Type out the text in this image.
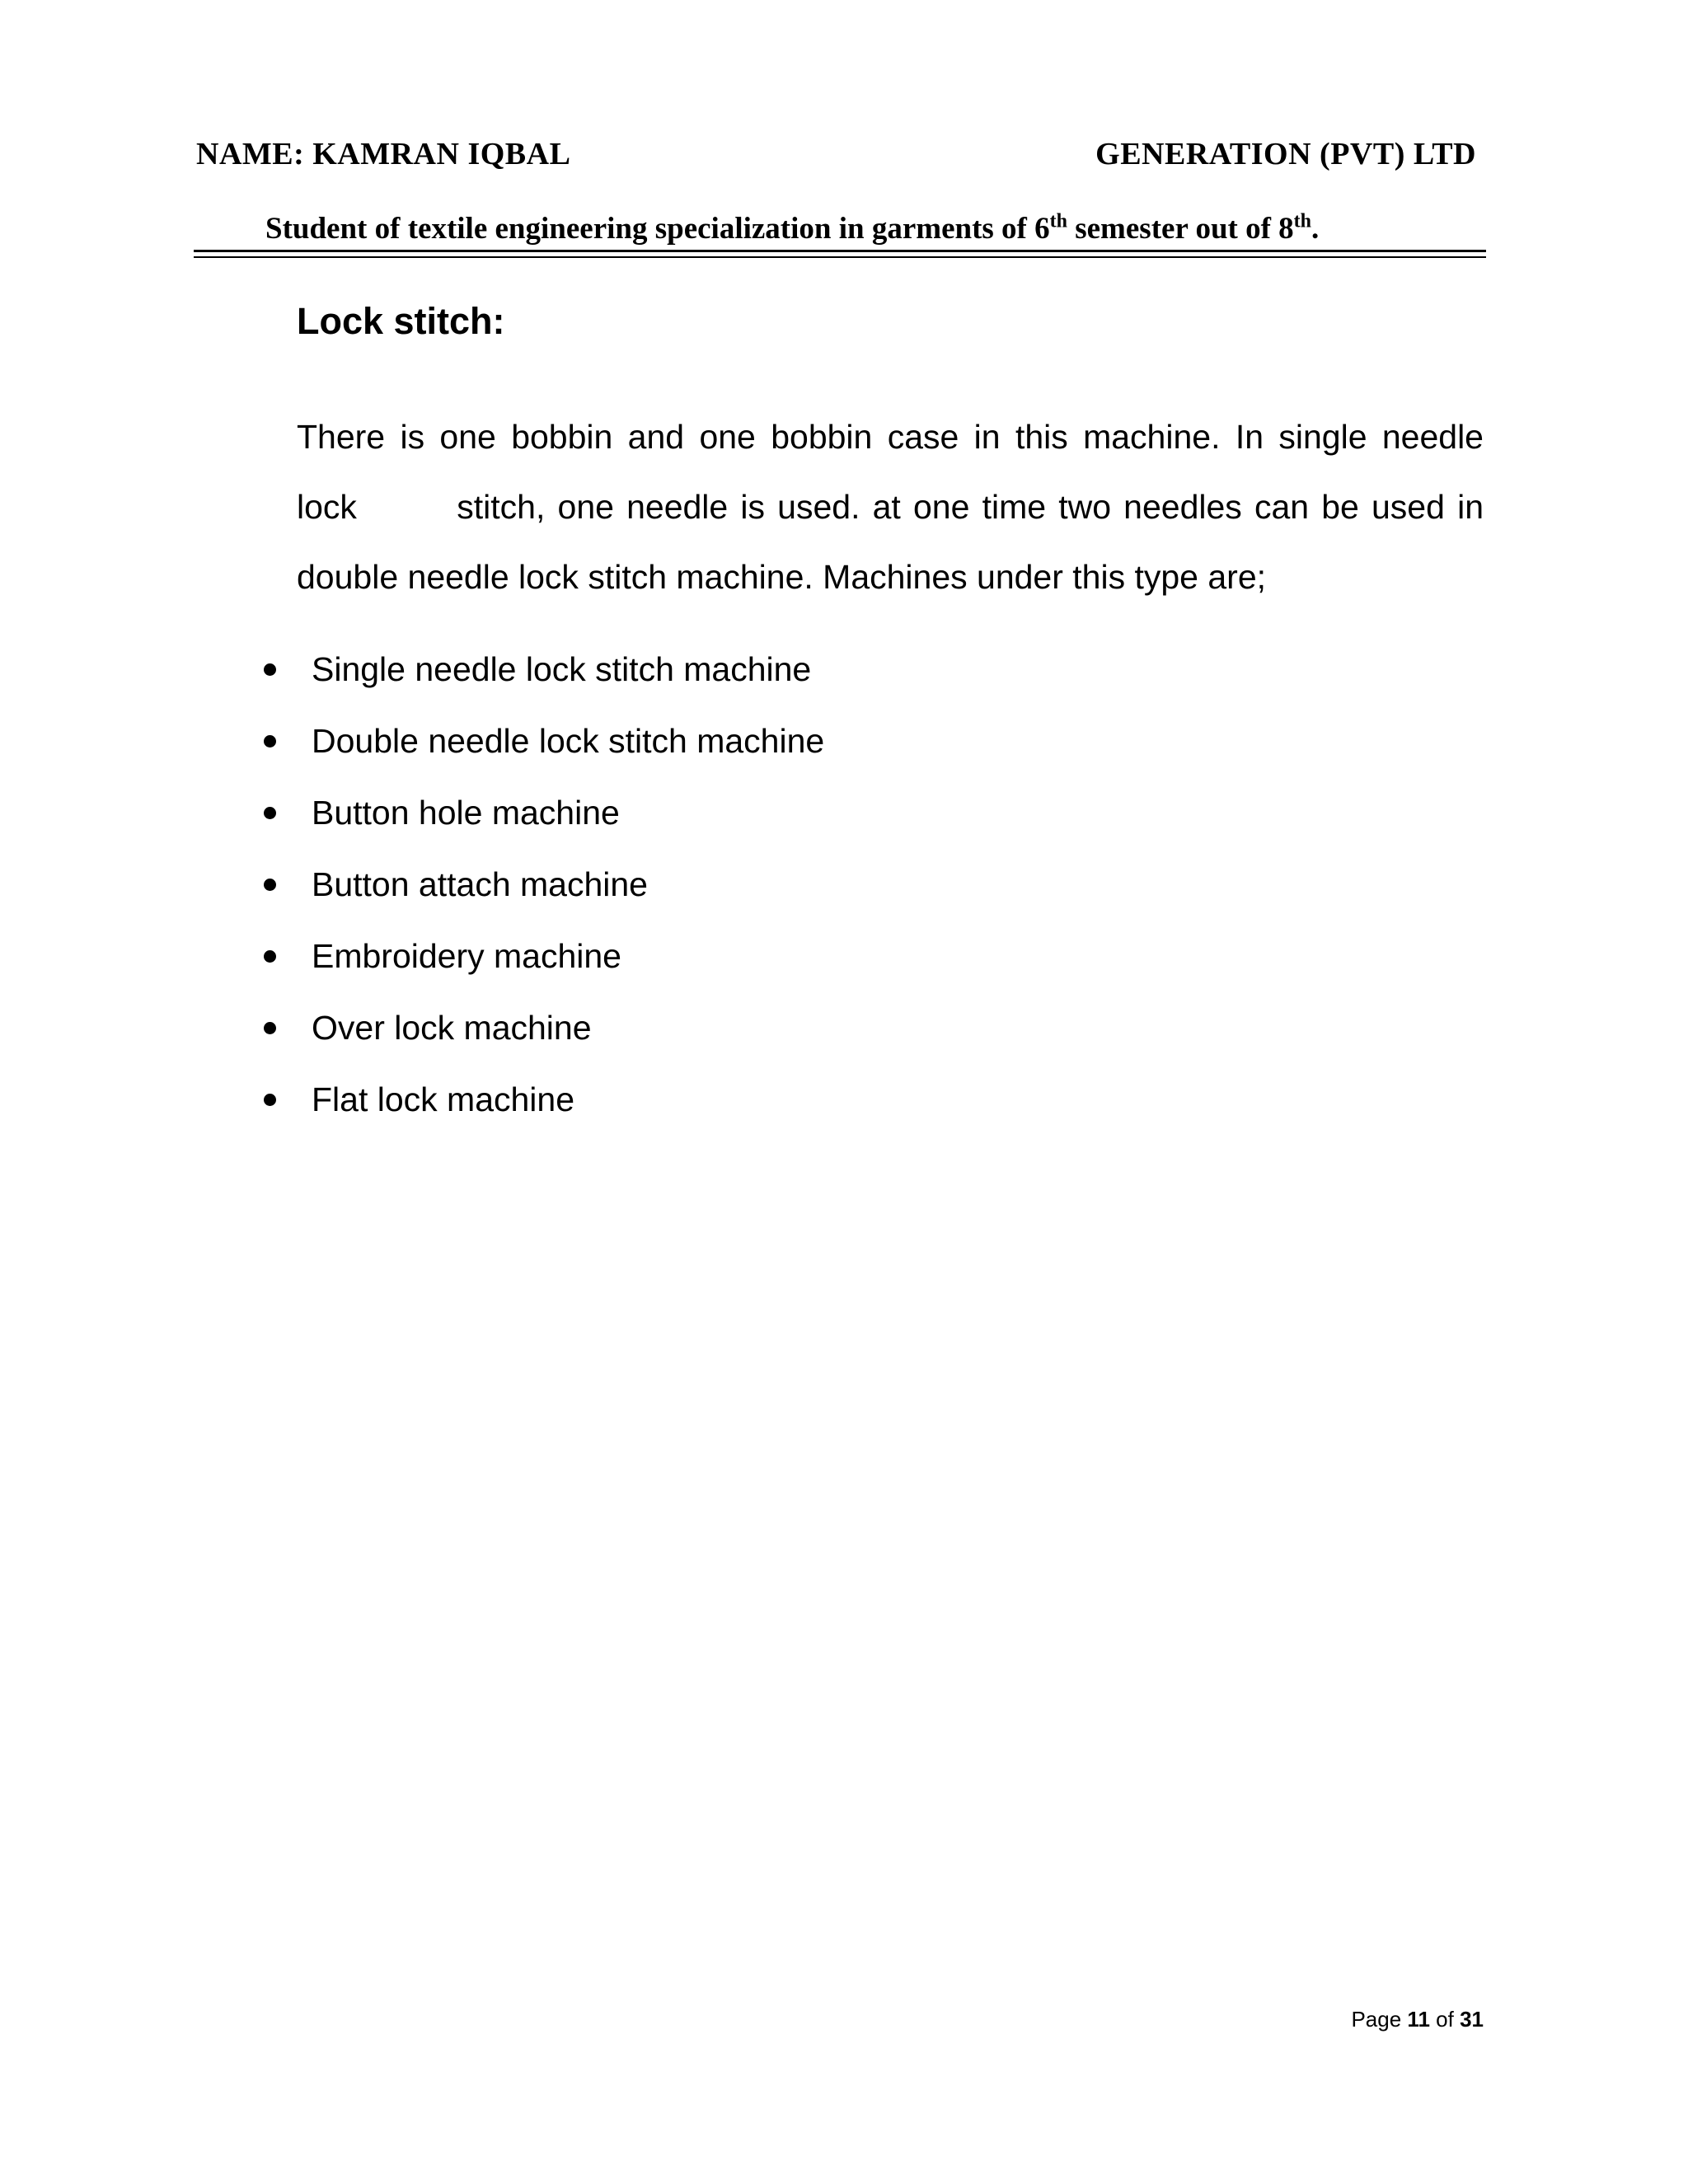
NAME: KAMRAN IQBAL	GENERATION (PVT) LTD
Student of textile engineering specialization in garments of 6th semester out of 8th.
Lock stitch:
There is one bobbin and one bobbin case in this machine. In single needle
lock        stitch, one needle is used. at one time two needles can be used in
double needle lock stitch machine. Machines under this type are;
Single needle lock stitch machine
Double needle lock stitch machine
Button hole machine
Button attach machine
Embroidery machine
Over lock machine
Flat lock machine
Page 11 of 31
